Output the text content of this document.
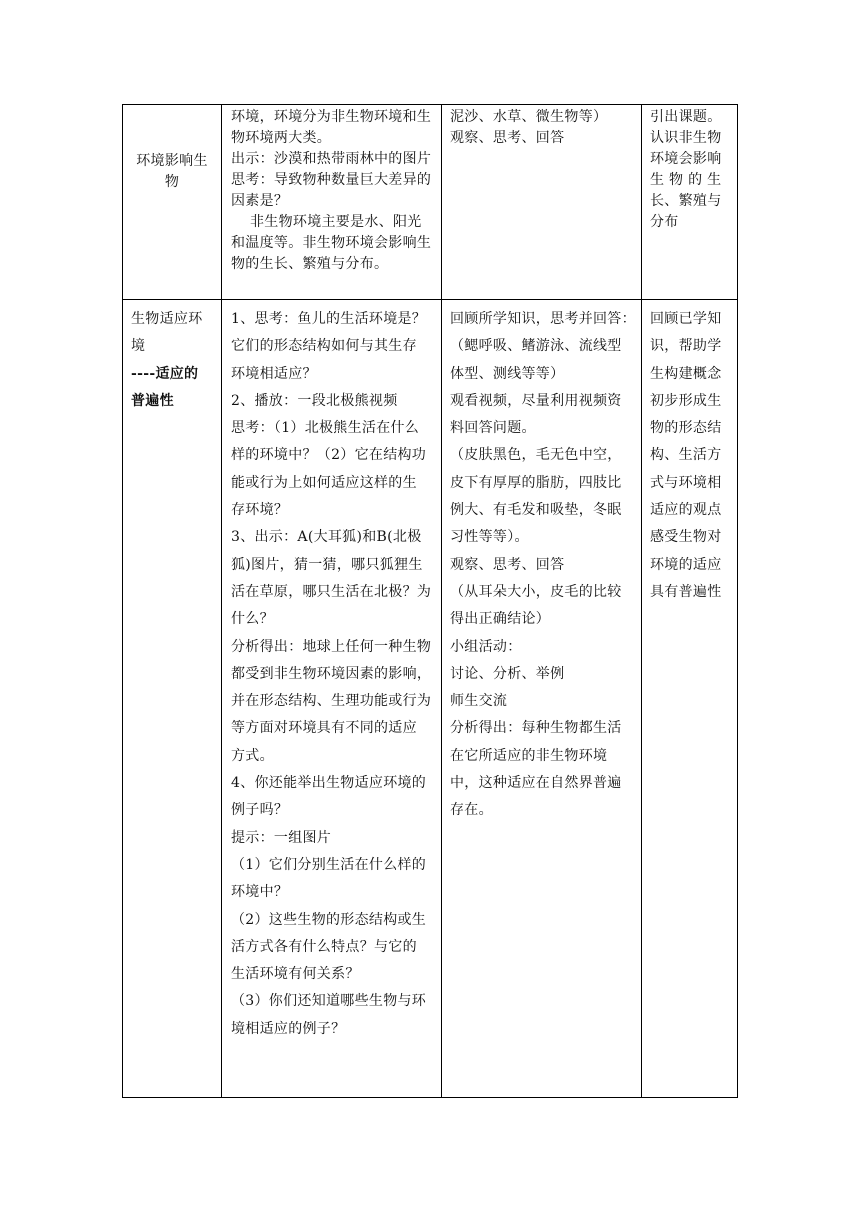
环境影响生
物
环境，环境分为非生物环境和生
物环境两大类。
出示：沙漠和热带雨林中的图片
思考：导致物种数量巨大差异的
因素是？
非生物环境主要是水、阳光
和温度等。非生物环境会影响生
物的生长、繁殖与分布。
泥沙、水草、微生物等）
观察、思考、回答
引出课题。
认识非生物
环境会影响
生 物 的 生
长、繁殖与
分布
生物适应环
境
----适应的
普遍性
1、思考：鱼儿的生活环境是？
它们的形态结构如何与其生存
环境相适应？
2、播放：一段北极熊视频
思考：（1）北极熊生活在什么
样的环境中？（2）它在结构功
能或行为上如何适应这样的生
存环境？
3、出示：A(大耳狐)和B(北极
狐)图片，猜一猜，哪只狐狸生
活在草原，哪只生活在北极？为
什么？
分析得出：地球上任何一种生物
都受到非生物环境因素的影响，
并在形态结构、生理功能或行为
等方面对环境具有不同的适应
方式。
4、你还能举出生物适应环境的
例子吗？
提示：一组图片
（1）它们分别生活在什么样的
环境中？
（2）这些生物的形态结构或生
活方式各有什么特点？与它的
生活环境有何关系？
（3）你们还知道哪些生物与环
境相适应的例子？
回顾所学知识，思考并回答：
（鳃呼吸、鳍游泳、流线型
体型、测线等等）
观看视频，尽量利用视频资
料回答问题。
（皮肤黑色，毛无色中空，
皮下有厚厚的脂肪，四肢比
例大、有毛发和吸垫，冬眠
习性等等）。
观察、思考、回答
（从耳朵大小，皮毛的比较
得出正确结论）
小组活动：
讨论、分析、举例
师生交流
分析得出：每种生物都生活
在它所适应的非生物环境
中，这种适应在自然界普遍
存在。
回顾已学知
识，帮助学
生构建概念
初步形成生
物的形态结
构、生活方
式与环境相
适应的观点
感受生物对
环境的适应
具有普遍性
